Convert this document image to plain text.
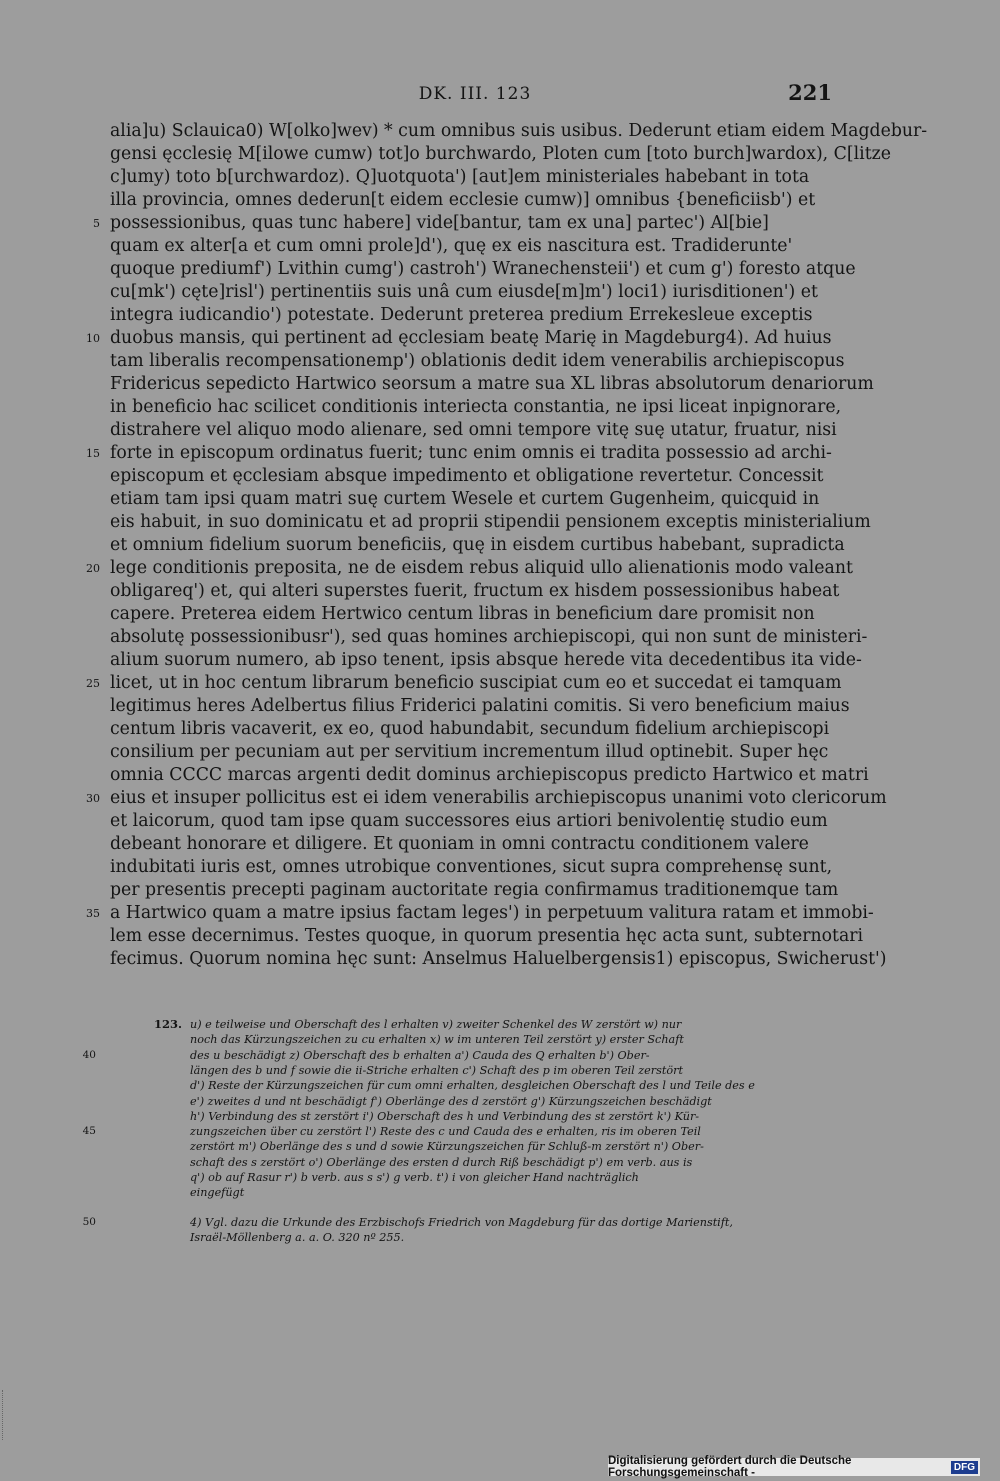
DK. III. 123	221
alia]u) Sclauica0) W[olko]wev) * cum omnibus suis usibus. Dederunt etiam eidem Magdebur-
gensi ęcclesię M[ilowe cumw) tot]o burchwardo, Ploten cum [toto burch]wardox), C[litze
c]umy) toto b[urchwardoz). Q]uotquota') [aut]em ministeriales habebant in tota
illa provincia, omnes dederun[t eidem ecclesie cumw)] omnibus {beneficiisb') et
5 possessionibus, quas tunc habere] vide[bantur, tam ex una] partec') Al[bie]
quam ex alter[a et cum omni prole]d'), quę ex eis nascitura est. Tradideruntе'
quoque prediumf') Lvithin cumg') castroh') Wranechensteii') et cum g') foresto atque
cu[mk') cęte]risl') pertinentiis suis unâ cum eiusde[m]m') loci1) iurisditionen') et
integra iudicandio') potestate. Dederunt preterea predium Errekesleue exceptis
10 duobus mansis, qui pertinent ad ęcclesiam beatę Marię in Magdeburg4). Ad huius
tam liberalis recompensationemp') oblationis dedit idem venerabilis archiepiscopus
Fridericus sepedicto Hartwico seorsum a matre sua XL libras absolutorum denariorum
in beneficio hac scilicet conditionis interiecta constantia, ne ipsi liceat inpignorare,
distrahere vel aliquo modo alienare, sed omni tempore vitę suę utatur, fruatur, nisi
15 forte in episcopum ordinatus fuerit; tunc enim omnis ei tradita possessio ad archi-
episcopum et ęcclesiam absque impedimento et obligatione revertetur. Concessit
etiam tam ipsi quam matri suę curtem Wesele et curtem Gugenheim, quicquid in
eis habuit, in suo dominicatu et ad proprii stipendii pensionem exceptis ministerialium
et omnium fidelium suorum beneficiis, quę in eisdem curtibus habebant, supradicta
20 lege conditionis preposita, ne de eisdem rebus aliquid ullo alienationis modo valeant
obligareq') et, qui alteri superstes fuerit, fructum ex hisdem possessionibus habeat
capere. Preterea eidem Hertwico centum libras in beneficium dare promisit non
absolutę possessionibusr'), sed quas homines archiepiscopi, qui non sunt de ministeri-
alium suorum numero, ab ipso tenent, ipsis absque herede vita decedentibus ita vide-
25 licet, ut in hoc centum librarum beneficio suscipiat cum eo et succedat ei tamquam
legitimus heres Adelbertus filius Friderici palatini comitis. Si vero beneficium maius
centum libris vacaverit, ex eo, quod habundabit, secundum fidelium archiepiscopi
consilium per pecuniam aut per servitium incrementum illud optinebit. Super hęc
omnia CCCC marcas argenti dedit dominus archiepiscopus predicto Hartwico et matri
30 eius et insuper pollicitus est ei idem venerabilis archiepiscopus unanimi voto clericorum
et laicorum, quod tam ipse quam successores eius artiori benivolentię studio eum
debeant honorare et diligere. Et quoniam in omni contractu conditionem valere
indubitati iuris est, omnes utrobique conventiones, sicut supra comprehensę sunt,
per presentis precepti paginam auctoritate regia confirmamus traditionemque tam
35 a Hartwico quam a matre ipsius factam leges') in perpetuum valitura ratam et immobi-
lem esse decernimus. Testes quoque, in quorum presentia hęc acta sunt, subternotari
fecimus. Quorum nomina hęc sunt: Anselmus Haluelbergensis1) episcopus, Swicherust')
123. u) e teilweise und Oberschaft des l erhalten v) zweiter Schenkel des W zerstört w) nur
noch das Kürzungszeichen zu cu erhalten x) w im unteren Teil zerstört y) erster Schaft
40	des u beschädigt z) Oberschaft des b erhalten a') Cauda des Q erhalten b') Ober-
längen des b und f sowie die ii-Striche erhalten c') Schaft des p im oberen Teil zerstört
d') Reste der Kürzungszeichen für cum omni erhalten, desgleichen Oberschaft des l und Teile des e
e') zweites d und nt beschädigt f') Oberlänge des d zerstört g') Kürzungszeichen beschädigt
h') Verbindung des st zerstört i') Oberschaft des h und Verbindung des st zerstört k') Kür-
45	zungszeichen über cu zerstört l') Reste des c und Cauda des e erhalten, ris im oberen Teil
zerstört m') Oberlänge des s und d sowie Kürzungszeichen für Schluß-m zerstört n') Ober-
schaft des s zerstört o') Oberlänge des ersten d durch Riß beschädigt p') em verb. aus is
q') ob auf Rasur r') b verb. aus s s') g verb. t') i von gleicher Hand nachträglich
eingefügt
50	4) Vgl. dazu die Urkunde des Erzbischofs Friedrich von Magdeburg für das dortige Marienstift,
Israël-Möllenberg a. a. O. 320 nº 255.
Digitalisierung gefördert durch die Deutsche Forschungsgemeinschaft -	DFG
